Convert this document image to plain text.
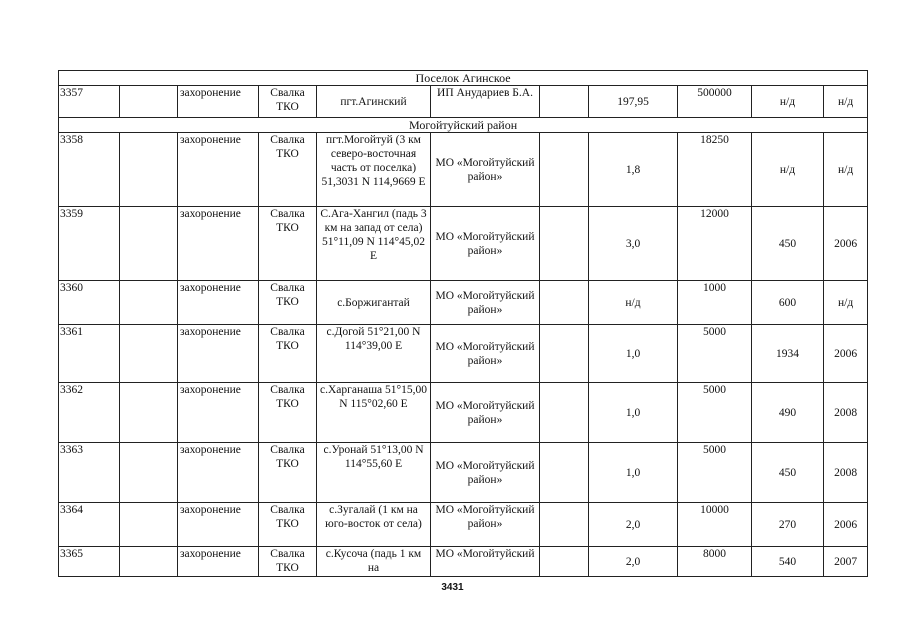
Поселок Агинское										
3357		захоронение	Свалка ТКО	пгт.Агинский	ИП Анудариев Б.А.		197,95	500000	н/д	н/д
Могойтуйский район										
3358		захоронение	Свалка ТКО	пгт.Могойтуй (3 км северо-восточная часть от поселка) 51,3031 N 114,9669 E	МО «Могойтуйский район»		1,8	18250	н/д	н/д
3359		захоронение	Свалка ТКО	С.Ага-Хангил (падь 3 км на запад от села) 51°11,09 N 114°45,02 E	МО «Могойтуйский район»		3,0	12000	450	2006
3360		захоронение	Свалка ТКО	с.Боржигантай	МО «Могойтуйский район»		н/д	1000	600	н/д
3361		захоронение	Свалка ТКО	с.Догой 51°21,00 N 114°39,00 E	МО «Могойтуйский район»		1,0	5000	1934	2006
3362		захоронение	Свалка ТКО	с.Харганаша 51°15,00 N 115°02,60 E	МО «Могойтуйский район»		1,0	5000	490	2008
3363		захоронение	Свалка ТКО	с.Уронай 51°13,00 N 114°55,60 E	МО «Могойтуйский район»		1,0	5000	450	2008
3364		захоронение	Свалка ТКО	с.Зугалай (1 км на юго-восток от села)	МО «Могойтуйский район»		2,0	10000	270	2006
3365		захоронение	Свалка ТКО	с.Кусоча (падь 1 км на	МО «Могойтуйский		2,0	8000	540	2007
3431
